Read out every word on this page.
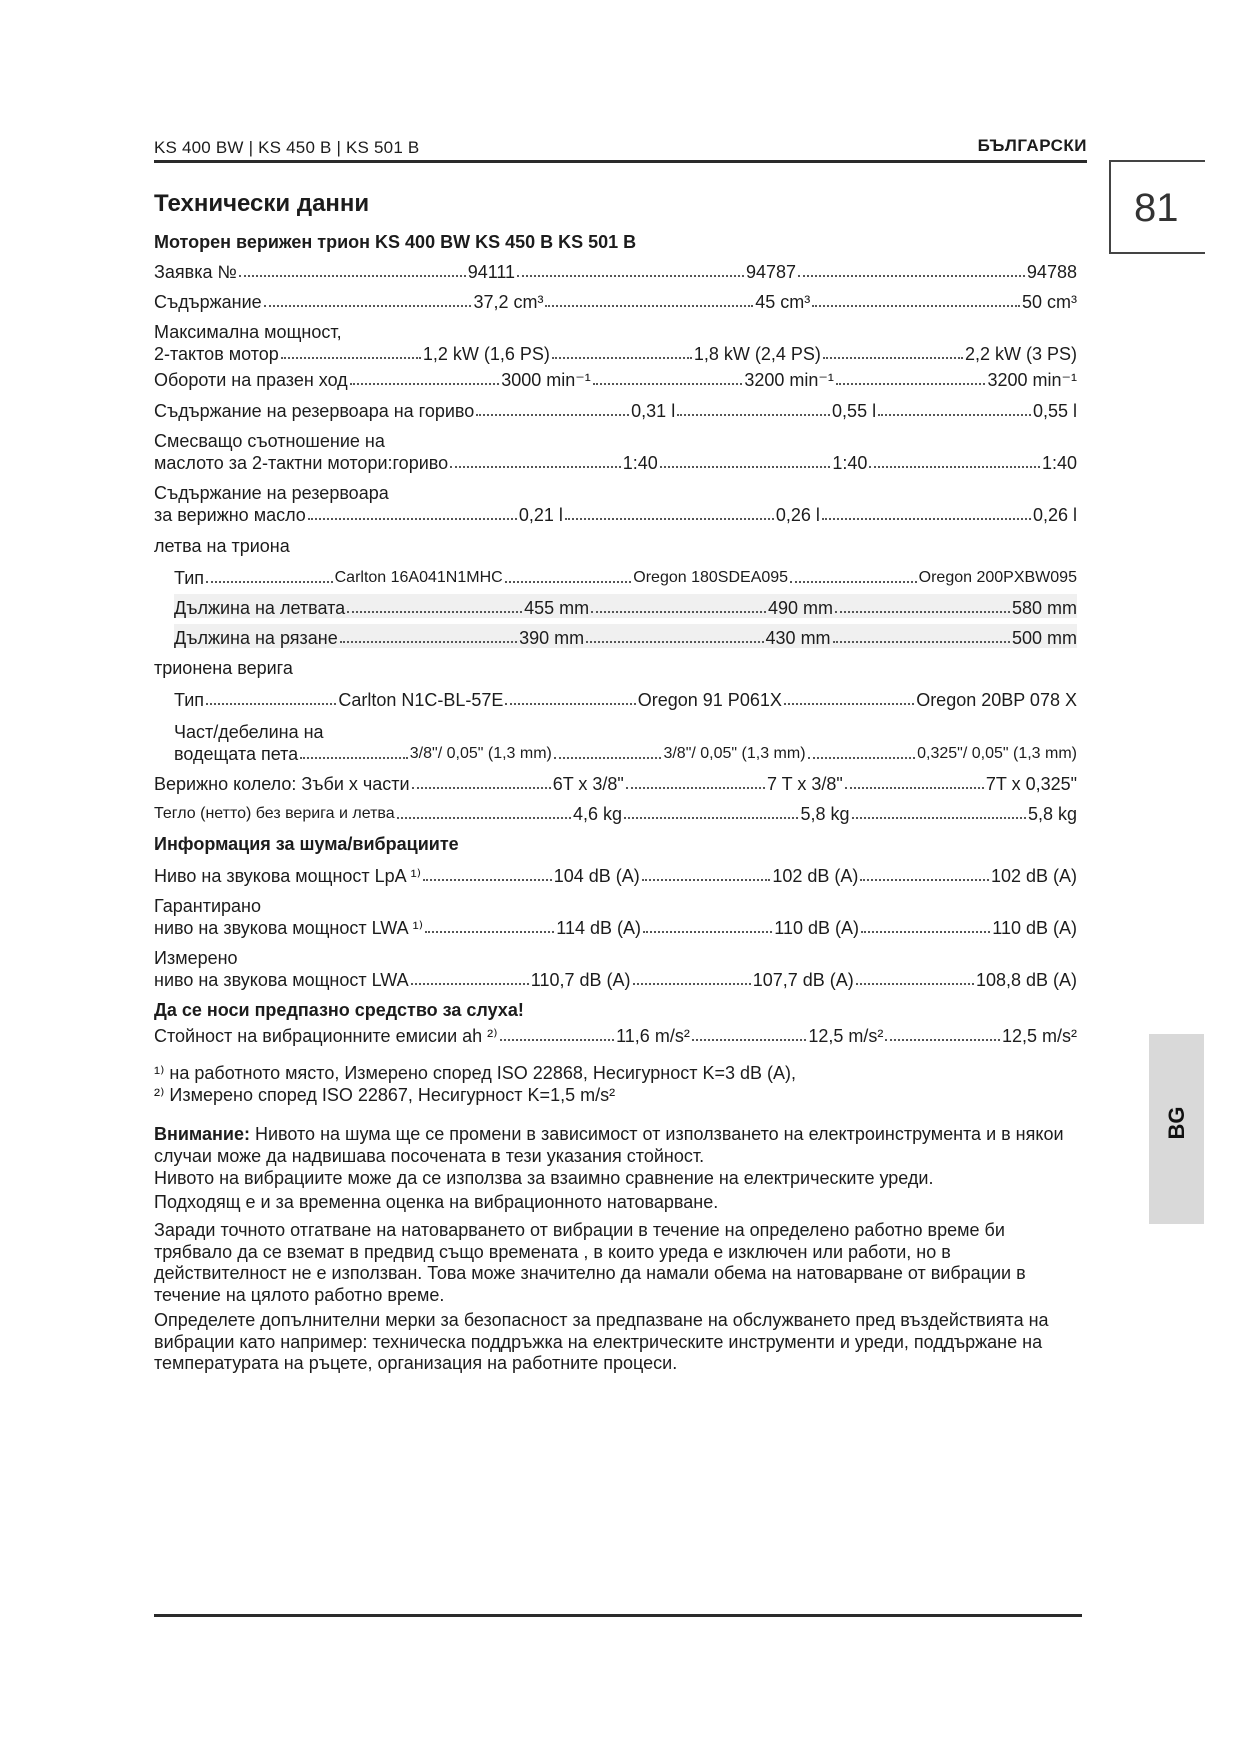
KS 400 BW | KS 450 B | KS 501 B	БЪЛГАРСКИ
81
BG
Технически данни
Моторен верижен трион KS 400 BW KS 450 B KS 501 B
Заявка №	94111	94787	94788
Съдържание	37,2 cm³	45 cm³	50 cm³
Максимална мощност,
2-тактов мотор	1,2 kW (1,6 PS)	1,8 kW (2,4 PS)	2,2 kW (3 PS)
Обороти на празен ход	3000 min⁻¹	3200 min⁻¹	3200 min⁻¹
Съдържание на резервоара на гориво	0,31 l	0,55 l	0,55 l
Смесващо съотношение на
маслото за 2-тактни мотори:гориво	1:40	1:40	1:40
Съдържание на резервоара
за верижно масло	0,21 l	0,26 l	0,26 l
летва на триона
Тип	Carlton 16A041N1MHC	Oregon 180SDEA095	Oregon 200PXBW095
Дължина на летвата	455 mm	490 mm	580 mm
Дължина на рязане	390 mm	430 mm	500 mm
трионена верига
Тип	Carlton N1C-BL-57E	Oregon 91 P061X	Oregon 20BP 078 X
Част/дебелина на
водещата пета	3/8"/ 0,05" (1,3 mm)	3/8"/ 0,05" (1,3 mm)	0,325"/ 0,05" (1,3 mm)
Верижно колело: Зъби x части	6T x 3/8"	7 T x 3/8"	7T x 0,325"
Тегло (нетто) без верига и летва	4,6 kg	5,8 kg	5,8 kg
Информация за шума/вибрациите
Ниво на звукова мощност LpA ¹⁾	104 dB (A)	102 dB (A)	102 dB (A)
Гарантирано
ниво на звукова мощност LWA ¹⁾	114 dB (A)	110 dB (A)	110 dB (A)
Измерено
ниво на звукова мощност LWA	110,7 dB (A)	107,7 dB (A)	108,8 dB (A)
Да се носи предпазно средство за слуха!
Стойност на вибрационните емисии ah ²⁾	11,6 m/s²	12,5 m/s²	12,5 m/s²
¹⁾ на работното място, Измерено според ISO 22868, Несигурност K=3 dB (A),
²⁾ Измерено според ISO 22867, Несигурност K=1,5 m/s²
Внимание: Нивото на шума ще се промени в зависимост от използването на електроинструмента и в някои случаи може да надвишава посочената в тези указания стойност.
Нивото на вибрациите може да се използва за взаимно сравнение на електрическите уреди.
Подходящ е и за временна оценка на вибрационното натоварване.
Заради точното отгатване на натоварването от вибрации в течение на определено работно време би трябвало да се вземат в предвид също времената , в които уреда е изключен или работи, но в действителност не е използван. Това може значително да намали обема на натоварване от вибрации в течение на цялото работно време.
Определете допълнителни мерки за безопасност за предпазване на обслужването пред въздействията на вибрации като например: техническа поддръжка на електрическите инструменти и уреди, поддържане на температурата на ръцете, организация на работните процеси.
